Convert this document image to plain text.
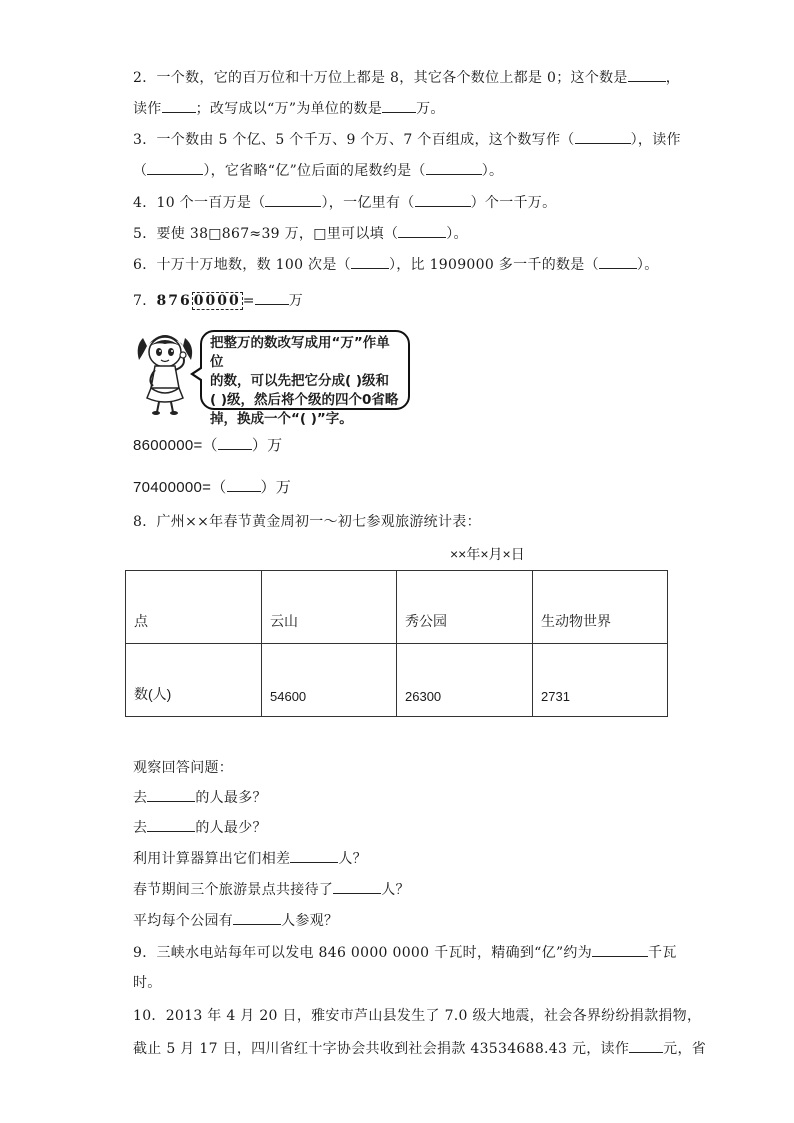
2．一个数，它的百万位和十万位上都是 8，其它各个数位上都是 0；这个数是	，
读作 ；改写成以“万”为单位的数是 万。
3．一个数由 5 个亿、5 个千万、9 个万、7 个百组成，这个数写作（	），读作
（	），它省略“亿”位后面的尾数约是（	）。
4．10 个一百万是（	），一亿里有（	）个一千万。
5．要使 38□867≈39 万，□里可以填（	）。
6．十万十万地数，数 100 次是（	），比 1909000 多一千的数是（	）。
7．876 0000 = 万
把整万的数改写成用“万”作单位
的数，可以先把它分成( )级和
( )级，然后将个级的四个0省略
掉，换成一个“( )”字。
8600000=（ ）万
70400000=（ ）万
8．广州××年春节黄金周初一～初七参观旅游统计表：
××年×月×日
点	云山	秀公园	生动物世界
数(人)	54600	26300	2731
观察回答问题：
去	的人最多？
去	的人最少？
利用计算器算出它们相差	人？
春节期间三个旅游景点共接待了	人？
平均每个公园有	人参观？
9．三峡水电站每年可以发电 846 0000 0000 千瓦时，精确到“亿”约为	千瓦
时。
10．2013 年 4 月 20 日，雅安市芦山县发生了 7.0 级大地震，社会各界纷纷捐款捐物，
截止 5 月 17 日，四川省红十字协会共收到社会捐款 43534688.43 元，读作 元，省
